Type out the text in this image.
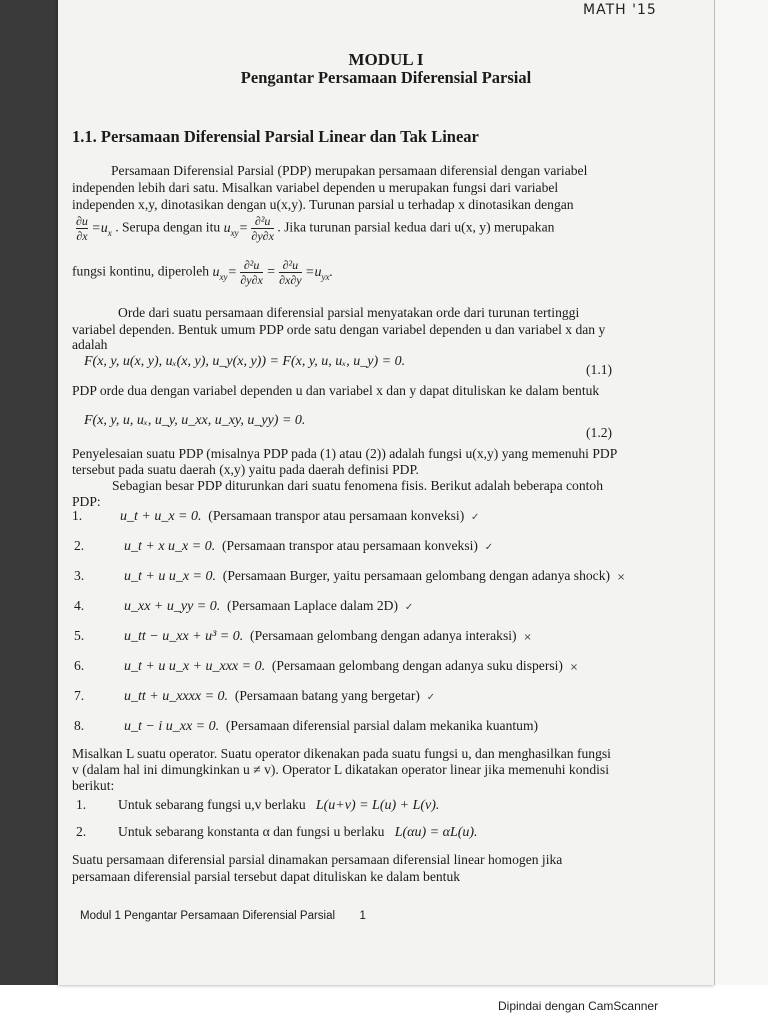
MATH '15
MODUL I
Pengantar Persamaan Diferensial Parsial
1.1. Persamaan Diferensial Parsial Linear dan Tak Linear
Persamaan Diferensial Parsial (PDP) merupakan persamaan diferensial dengan variabel
independen lebih dari satu. Misalkan variabel dependen u merupakan fungsi dari variabel
independen x,y, dinotasikan dengan u(x,y). Turunan parsial u terhadap x dinotasikan dengan
$\frac{\partial u}{\partial x} =u_x$ . Serupa dengan itu $u_{xy}= \frac{\text{∂²u}}{\partial y\partial x}$ . Jika turunan parsial kedua dari u(x, y) merupakan
fungsi kontinu, diperoleh $u_{xy}= \frac{\text{∂²u}}{\partial y\partial x} = \frac{\text{∂²u}}{\partial x\partial y} =u_{yx}$.
Orde dari suatu persamaan diferensial parsial menyatakan orde dari turunan tertinggi
variabel dependen. Bentuk umum PDP orde satu dengan variabel dependen u dan variabel x dan y
adalah
F(x, y, u(x, y), uₓ(x, y), u_y(x, y)) = F(x, y, u, uₓ, u_y) = 0.
(1.1)
PDP orde dua dengan variabel dependen u dan variabel x dan y dapat dituliskan ke dalam bentuk
F(x, y, u, uₓ, u_y, u_xx, u_xy, u_yy) = 0.
(1.2)
Penyelesaian suatu PDP (misalnya PDP pada (1) atau (2)) adalah fungsi u(x,y) yang memenuhi PDP
tersebut pada suatu daerah (x,y) yaitu pada daerah definisi PDP.
Sebagian besar PDP diturunkan dari suatu fenomena fisis. Berikut adalah beberapa contoh
PDP:
1.	u_t + u_x = 0. (Persamaan transpor atau persamaan konveksi) ✓
2.	u_t + x u_x = 0. (Persamaan transpor atau persamaan konveksi) ✓
3.	u_t + u u_x = 0. (Persamaan Burger, yaitu persamaan gelombang dengan adanya shock) ×
4.	u_xx + u_yy = 0. (Persamaan Laplace dalam 2D) ✓
5.	u_tt − u_xx + u³ = 0. (Persamaan gelombang dengan adanya interaksi) ×
6.	u_t + u u_x + u_xxx = 0. (Persamaan gelombang dengan adanya suku dispersi) ×
7.	u_tt + u_xxxx = 0. (Persamaan batang yang bergetar) ✓
8.	u_t − i u_xx = 0. (Persamaan diferensial parsial dalam mekanika kuantum)
Misalkan L suatu operator. Suatu operator dikenakan pada suatu fungsi u, dan menghasilkan fungsi
v (dalam hal ini dimungkinkan u ≠ v). Operator L dikatakan operator linear jika memenuhi kondisi
berikut:
1. Untuk sebarang fungsi u,v berlaku L(u+v) = L(u) + L(v).
2. Untuk sebarang konstanta α dan fungsi u berlaku L(αu) = αL(u).
Suatu persamaan diferensial parsial dinamakan persamaan diferensial linear homogen jika
persamaan diferensial parsial tersebut dapat dituliskan ke dalam bentuk
Modul 1 Pengantar Persamaan Diferensial Parsial 1
Dipindai dengan CamScanner
